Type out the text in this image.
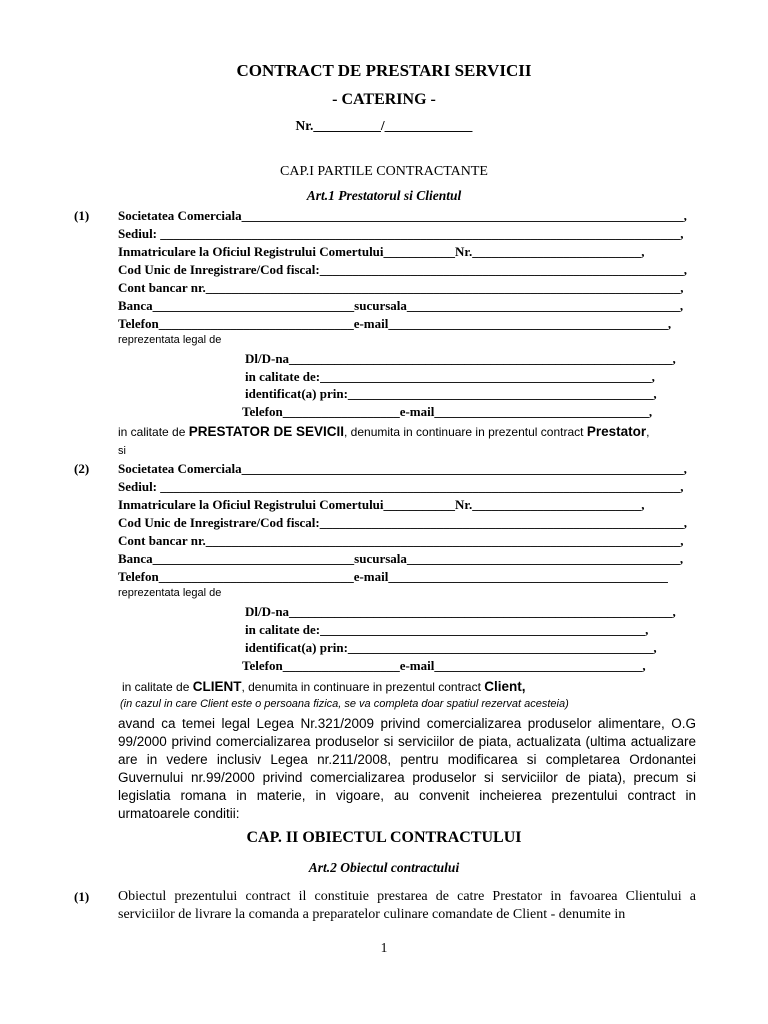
CONTRACT DE PRESTARI SERVICII
- CATERING -
Nr.__________/_____________
CAP.I PARTILE CONTRACTANTE
Art.1 Prestatorul si Clientul
(1) Societatea Comerciala____________________________________________________________________,
Sediul: ________________________________________________________________________________,
Inmatriculare la Oficiul Registrului Comertului___________Nr.__________________________,
Cod Unic de Inregistrare/Cod fiscal:________________________________________________________,
Cont bancar nr._________________________________________________________________________,
Banca_______________________________sucursala__________________________________________,
Telefon______________________________e-mail___________________________________________,
reprezentata legal de
Dl/D-na___________________________________________________________,
in calitate de:___________________________________________________,
identificat(a) prin:_______________________________________________,
Telefon__________________e-mail_________________________________,
in calitate de PRESTATOR DE SEVICII, denumita in continuare in prezentul contract Prestator,
si
(2) Societatea Comerciala____________________________________________________________________,
Sediul: ________________________________________________________________________________,
Inmatriculare la Oficiul Registrului Comertului___________Nr.__________________________,
Cod Unic de Inregistrare/Cod fiscal:________________________________________________________,
Cont bancar nr._________________________________________________________________________,
Banca_______________________________sucursala__________________________________________,
Telefon______________________________e-mail___________________________________________
reprezentata legal de
Dl/D-na___________________________________________________________,
in calitate de:__________________________________________________,
identificat(a) prin:_______________________________________________,
Telefon__________________e-mail________________________________,
in calitate de CLIENT, denumita in continuare in prezentul contract Client,
(in cazul in care Client este o persoana fizica, se va completa doar spatiul rezervat acesteia)
avand ca temei legal Legea Nr.321/2009 privind comercializarea produselor alimentare, O.G 99/2000 privind comercializarea produselor si serviciilor de piata, actualizata (ultima actualizare are in vedere inclusiv Legea nr.211/2008, pentru modificarea si completarea Ordonantei Guvernului nr.99/2000 privind comercializarea produselor si serviciilor de piata), precum si legislatia romana in materie, in vigoare, au convenit incheierea prezentului contract in urmatoarele conditii:
CAP. II OBIECTUL CONTRACTULUI
Art.2 Obiectul contractului
(1) Obiectul prezentului contract il constituie prestarea de catre Prestator in favoarea Clientului a serviciilor de livrare la comanda a preparatelor culinare comandate de Client - denumite in
1
